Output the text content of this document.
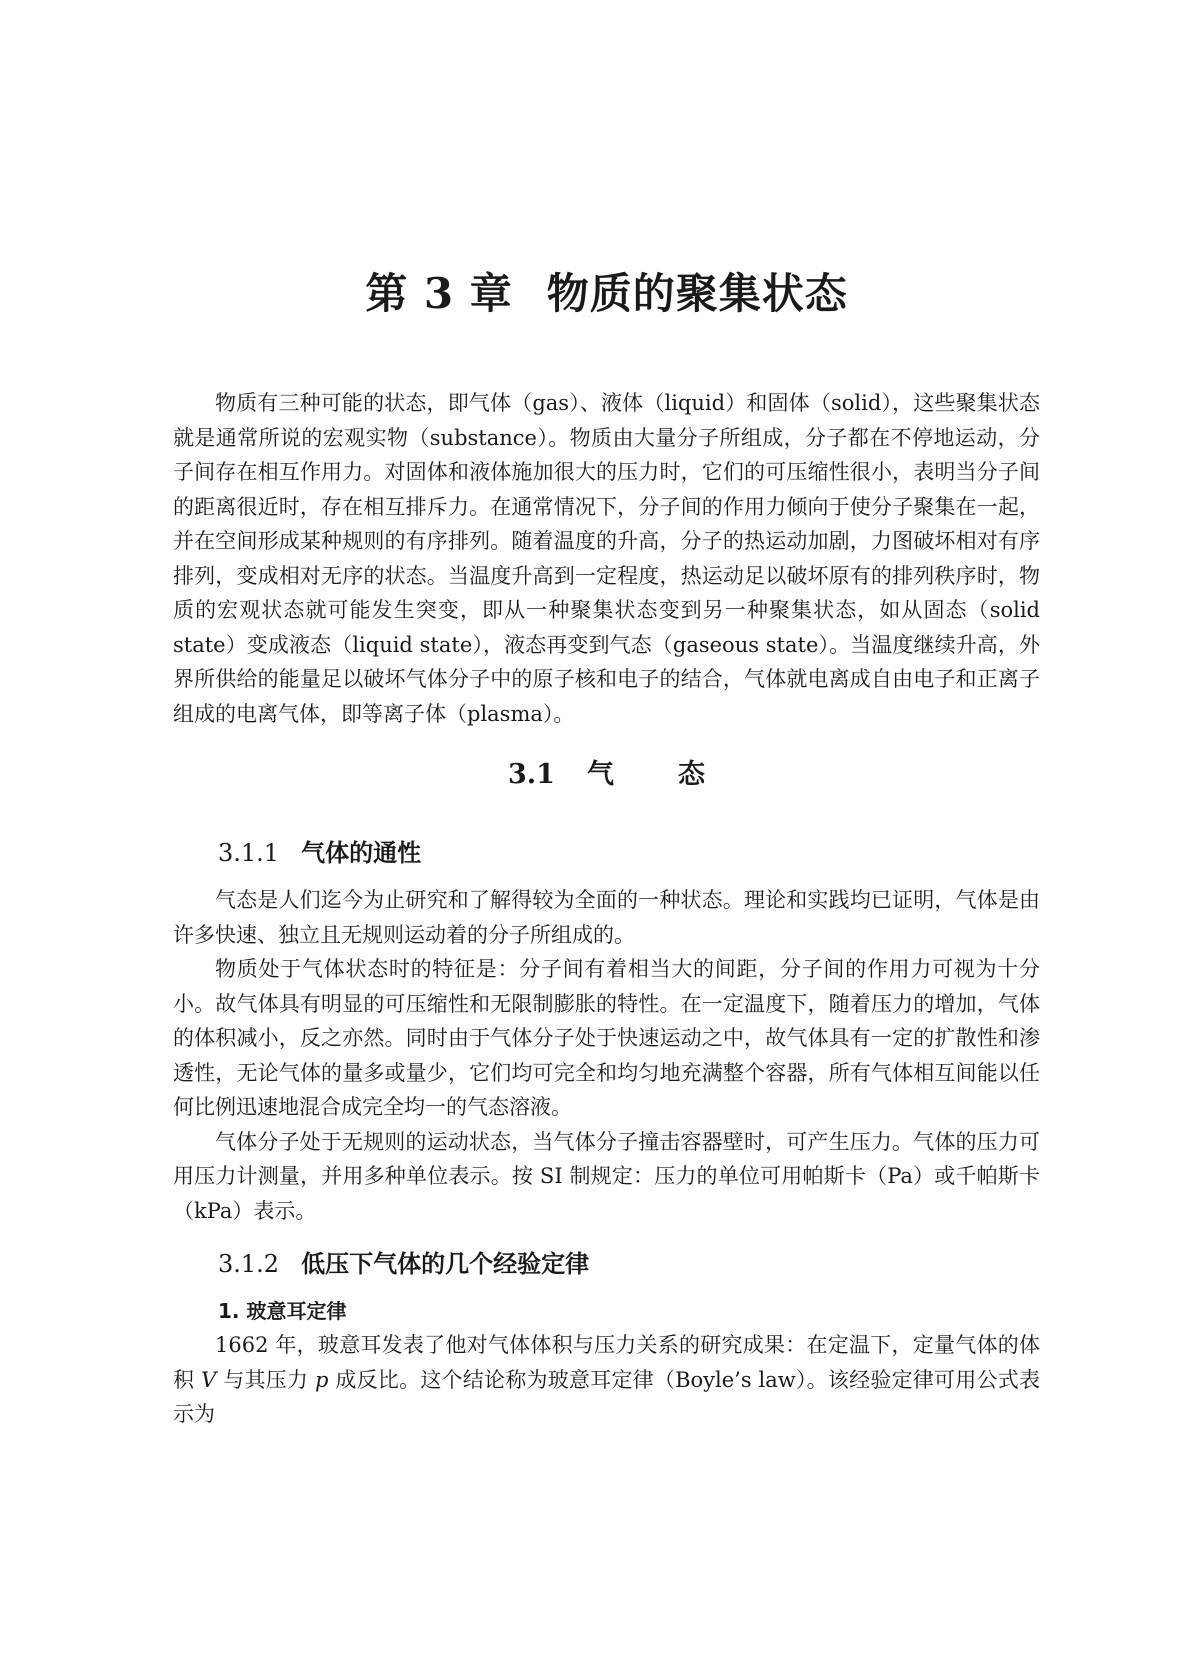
第 3 章 物质的聚集状态

物质有三种可能的状态，即气体（gas）、液体（liquid）和固体（solid），这些聚集状态就是通常所说的宏观实物（substance）。物质由大量分子所组成，分子都在不停地运动，分子间存在相互作用力。对固体和液体施加很大的压力时，它们的可压缩性很小，表明当分子间的距离很近时，存在相互排斥力。在通常情况下，分子间的作用力倾向于使分子聚集在一起，并在空间形成某种规则的有序排列。随着温度的升高，分子的热运动加剧，力图破坏相对有序排列，变成相对无序的状态。当温度升高到一定程度，热运动足以破坏原有的排列秩序时，物质的宏观状态就可能发生突变，即从一种聚集状态变到另一种聚集状态，如从固态（solid state）变成液态（liquid state），液态再变到气态（gaseous state）。当温度继续升高，外界所供给的能量足以破坏气体分子中的原子核和电子的结合，气体就电离成自由电子和正离子组成的电离气体，即等离子体（plasma）。

3.1 气 态
3.1.1 气体的通性

气态是人们迄今为止研究和了解得较为全面的一种状态。理论和实践均已证明，气体是由许多快速、独立且无规则运动着的分子所组成的。

物质处于气体状态时的特征是：分子间有着相当大的间距，分子间的作用力可视为十分小。故气体具有明显的可压缩性和无限制膨胀的特性。在一定温度下，随着压力的增加，气体的体积减小，反之亦然。同时由于气体分子处于快速运动之中，故气体具有一定的扩散性和渗透性，无论气体的量多或量少，它们均可完全和均匀地充满整个容器，所有气体相互间能以任何比例迅速地混合成完全均一的气态溶液。

气体分子处于无规则的运动状态，当气体分子撞击容器壁时，可产生压力。气体的压力可用压力计测量，并用多种单位表示。按 SI 制规定：压力的单位可用帕斯卡（Pa）或千帕斯卡（kPa）表示。

3.1.2 低压下气体的几个经验定律
1. 玻意耳定律

1662 年，玻意耳发表了他对气体体积与压力关系的研究成果：在定温下，定量气体的体积 V 与其压力 p 成反比。这个结论称为玻意耳定律（Boyle’s law）。该经验定律可用公式表示为
